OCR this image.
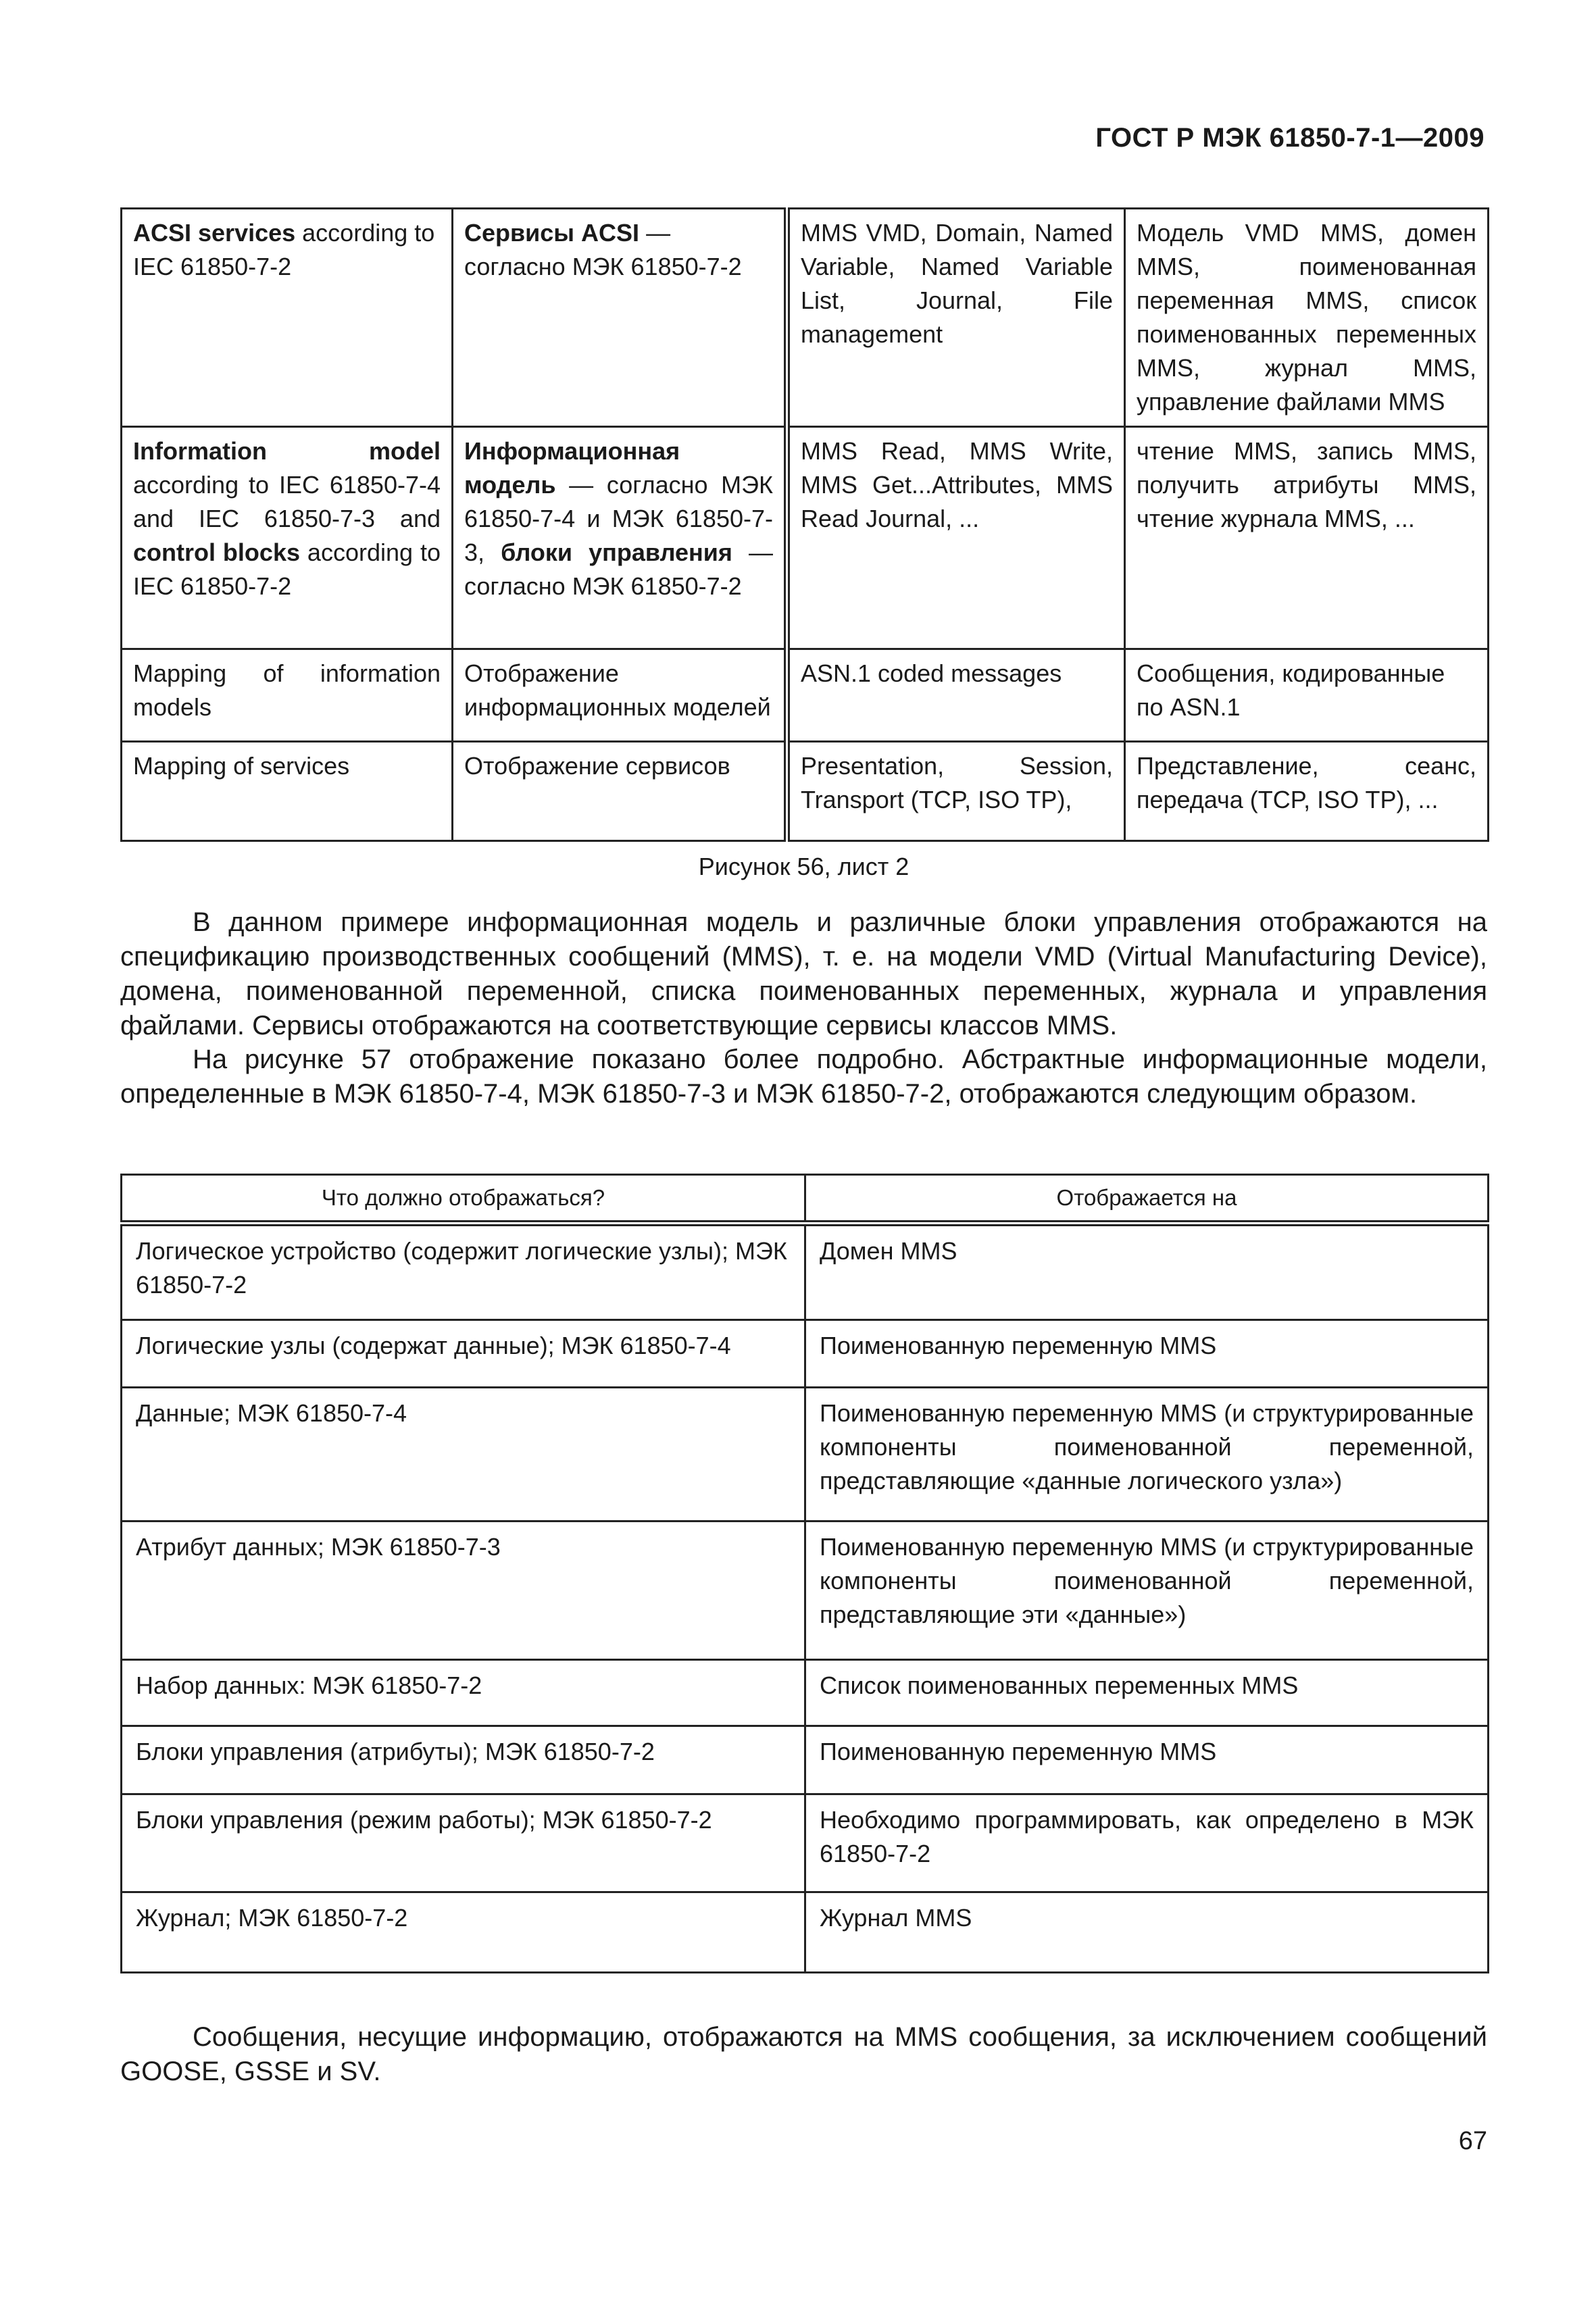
ГОСТ Р МЭК 61850-7-1—2009
ACSI services according to IEC 61850-7-2	Сервисы ACSI — согласно МЭК 61850-7-2	MMS VMD, Domain, Named Variable, Named Variable List, Journal, File management	Модель VMD MMS, домен MMS, поименованная переменная MMS, список поименованных переменных MMS, журнал MMS, управление файлами MMS
Information model according to IEC 61850-7-4 and IEC 61850-7-3 and control blocks according to IEC 61850-7-2	Информационная модель — согласно МЭК 61850-7-4 и МЭК 61850-7-3, блоки управления — согласно МЭК 61850-7-2	MMS Read, MMS Write, MMS Get...Attributes, MMS Read Journal, ...	чтение MMS, запись MMS, получить атрибуты MMS, чтение журнала MMS, ...
Mapping of information models	Отображение информационных моделей	ASN.1 coded messages	Сообщения, кодированные по ASN.1
Mapping of services	Отображение сервисов	Presentation, Session, Transport (TCP, ISO TP),	Представление, сеанс, передача (TCP, ISO TP), ...
Рисунок 56, лист 2

В данном примере информационная модель и различные блоки управления отображаются на спецификацию производственных сообщений (MMS), т. е. на модели VMD (Virtual Manufacturing Device), домена, поименованной переменной, списка поименованных переменных, журнала и управления файлами. Сервисы отображаются на соответствующие сервисы классов MMS.

На рисунке 57 отображение показано более подробно. Абстрактные информационные модели, определенные в МЭК 61850-7-4, МЭК 61850-7-3 и МЭК 61850-7-2, отображаются следующим образом.

Что должно отображаться?	Отображается на
Логическое устройство (содержит логические узлы); МЭК 61850-7-2	Домен MMS
Логические узлы (содержат данные); МЭК 61850-7-4	Поименованную переменную MMS
Данные; МЭК 61850-7-4	Поименованную переменную MMS (и структурированные компоненты поименованной переменной, представляющие «данные логического узла»)
Атрибут данных; МЭК 61850-7-3	Поименованную переменную MMS (и структурированные компоненты поименованной переменной, представляющие эти «данные»)
Набор данных: МЭК 61850-7-2	Список поименованных переменных MMS
Блоки управления (атрибуты); МЭК 61850-7-2	Поименованную переменную MMS
Блоки управления (режим работы); МЭК 61850-7-2	Необходимо программировать, как определено в МЭК 61850-7-2
Журнал; МЭК 61850-7-2	Журнал MMS

Сообщения, несущие информацию, отображаются на MMS сообщения, за исключением сообщений GOOSE, GSSE и SV.

67
